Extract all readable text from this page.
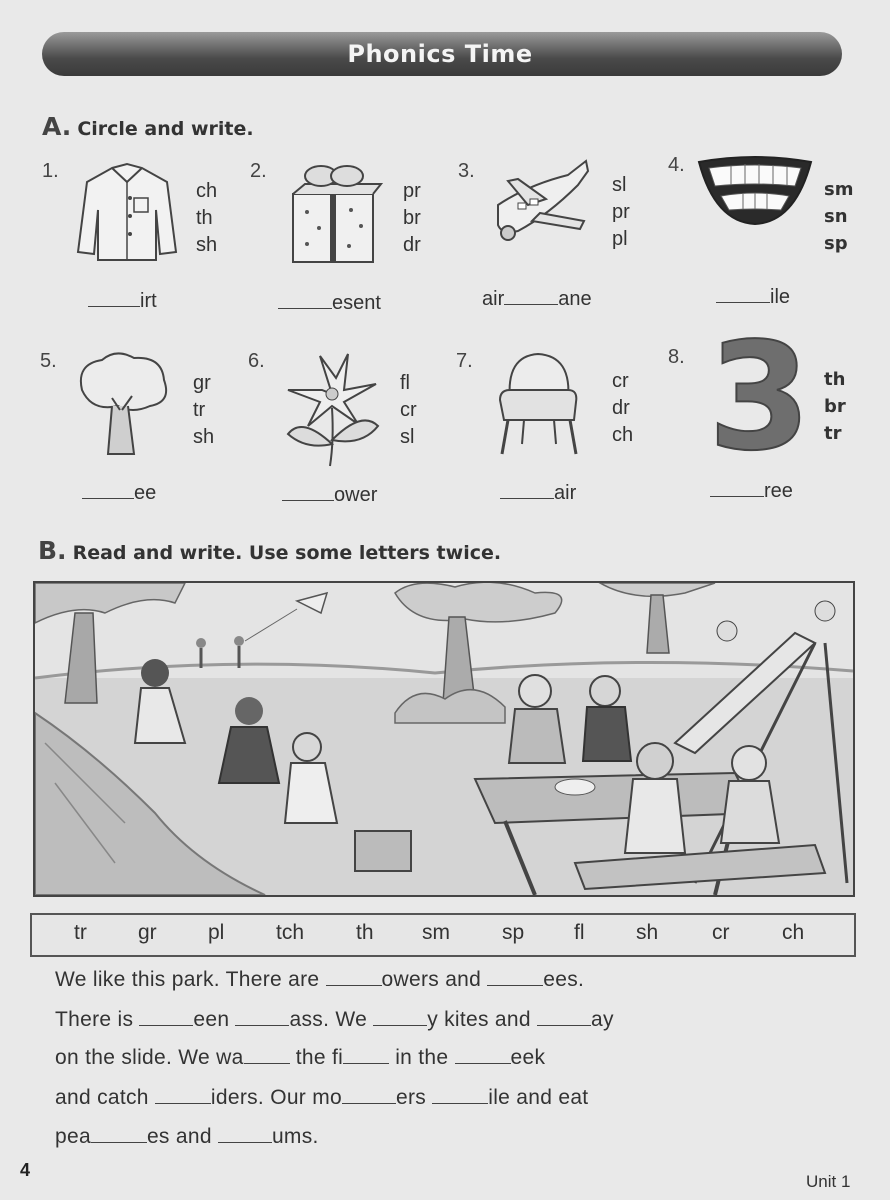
Phonics Time
A. Circle and write.
1.
ch
th
sh
irt
2.
pr
br
dr
esent
3.
sl
pr
pl
air	ane
4.
sm
sn
sp
ile
5.
gr
tr
sh
ee
6.
fl
cr
sl
ower
7.
cr
dr
ch
air
8. 3 th
br
tr
ree
B. Read and write. Use some letters twice.
tr gr pl tch th sm sp fl sh	cr	ch
We like this park. There are	owers and	ees.
There is	een	ass. We	y kites and	ay
on the slide. We wa the fi in the	eek
and catch	iders. Our mo	ers	ile and eat
pea	es and	ums.
4
Unit 1
